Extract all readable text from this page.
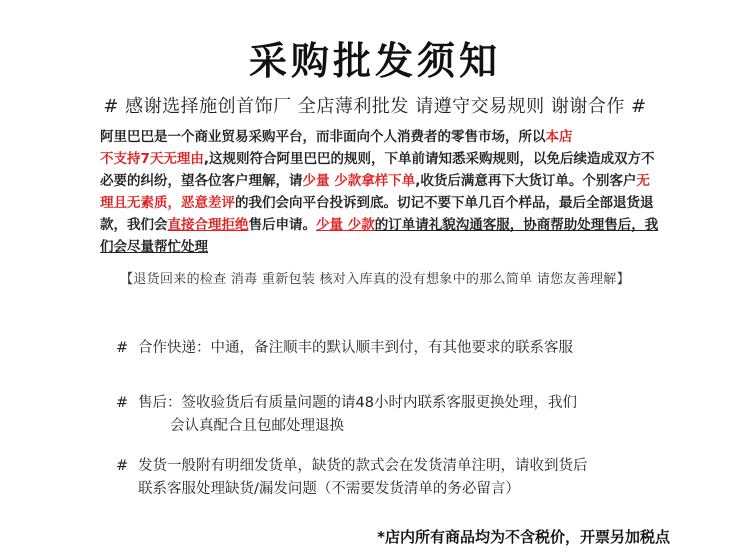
采购批发须知
# 感谢选择施创首饰厂 全店薄利批发 请遵守交易规则 谢谢合作 #
阿里巴巴是一个商业贸易采购平台，而非面向个人消费者的零售市场，所以本店
不支持7天无理由,这规则符合阿里巴巴的规则，下单前请知悉采购规则，以免后续造成双方不必要的纠纷，望各位客户理解，请少量 少款拿样下单,收货后满意再下大货订单。个别客户无理且无素质，恶意差评的我们会向平台投诉到底。切记不要下单几百个样品，最后全部退货退款，我们会直接合理拒绝售后申请。少量 少款的订单请礼貌沟通客服，协商帮助处理售后，我们会尽量帮忙处理
【退货回来的检查 消毒 重新包装 核对入库真的没有想象中的那么简单 请您友善理解】
# 合作快递：中通，备注顺丰的默认顺丰到付，有其他要求的联系客服
# 售后：签收验货后有质量问题的请48小时内联系客服更换处理，我们
会认真配合且包邮处理退换
# 发货一般附有明细发货单，缺货的款式会在发货清单注明，请收到货后
联系客服处理缺货/漏发问题（不需要发货清单的务必留言）
*店内所有商品均为不含税价，开票另加税点
